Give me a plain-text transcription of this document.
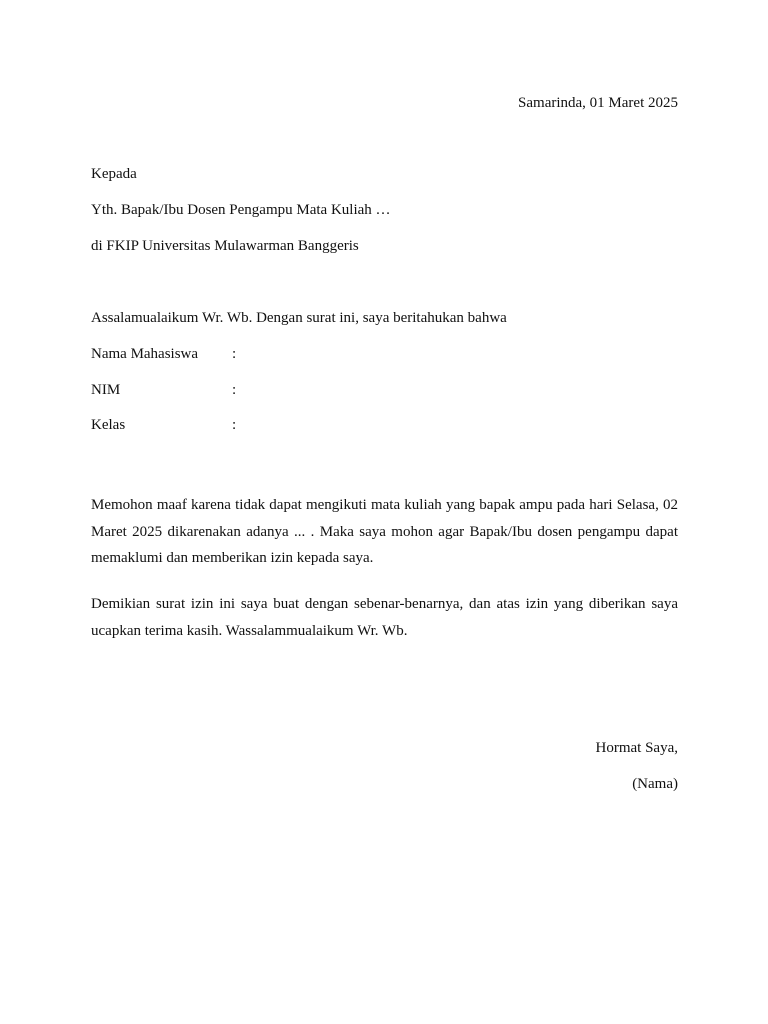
Samarinda, 01 Maret 2025
Kepada
Yth. Bapak/Ibu Dosen Pengampu Mata Kuliah …
di FKIP Universitas Mulawarman Banggeris
Assalamualaikum Wr. Wb. Dengan surat ini, saya beritahukan bahwa
Nama Mahasiswa :
NIM	:
Kelas	:
Memohon maaf karena tidak dapat mengikuti mata kuliah yang bapak ampu pada hari Selasa, 02 Maret 2025 dikarenakan adanya ... . Maka saya mohon agar Bapak/Ibu dosen pengampu dapat memaklumi dan memberikan izin kepada saya.
Demikian surat izin ini saya buat dengan sebenar-benarnya, dan atas izin yang diberikan saya ucapkan terima kasih. Wassalammualaikum Wr. Wb.
Hormat Saya,
(Nama)
